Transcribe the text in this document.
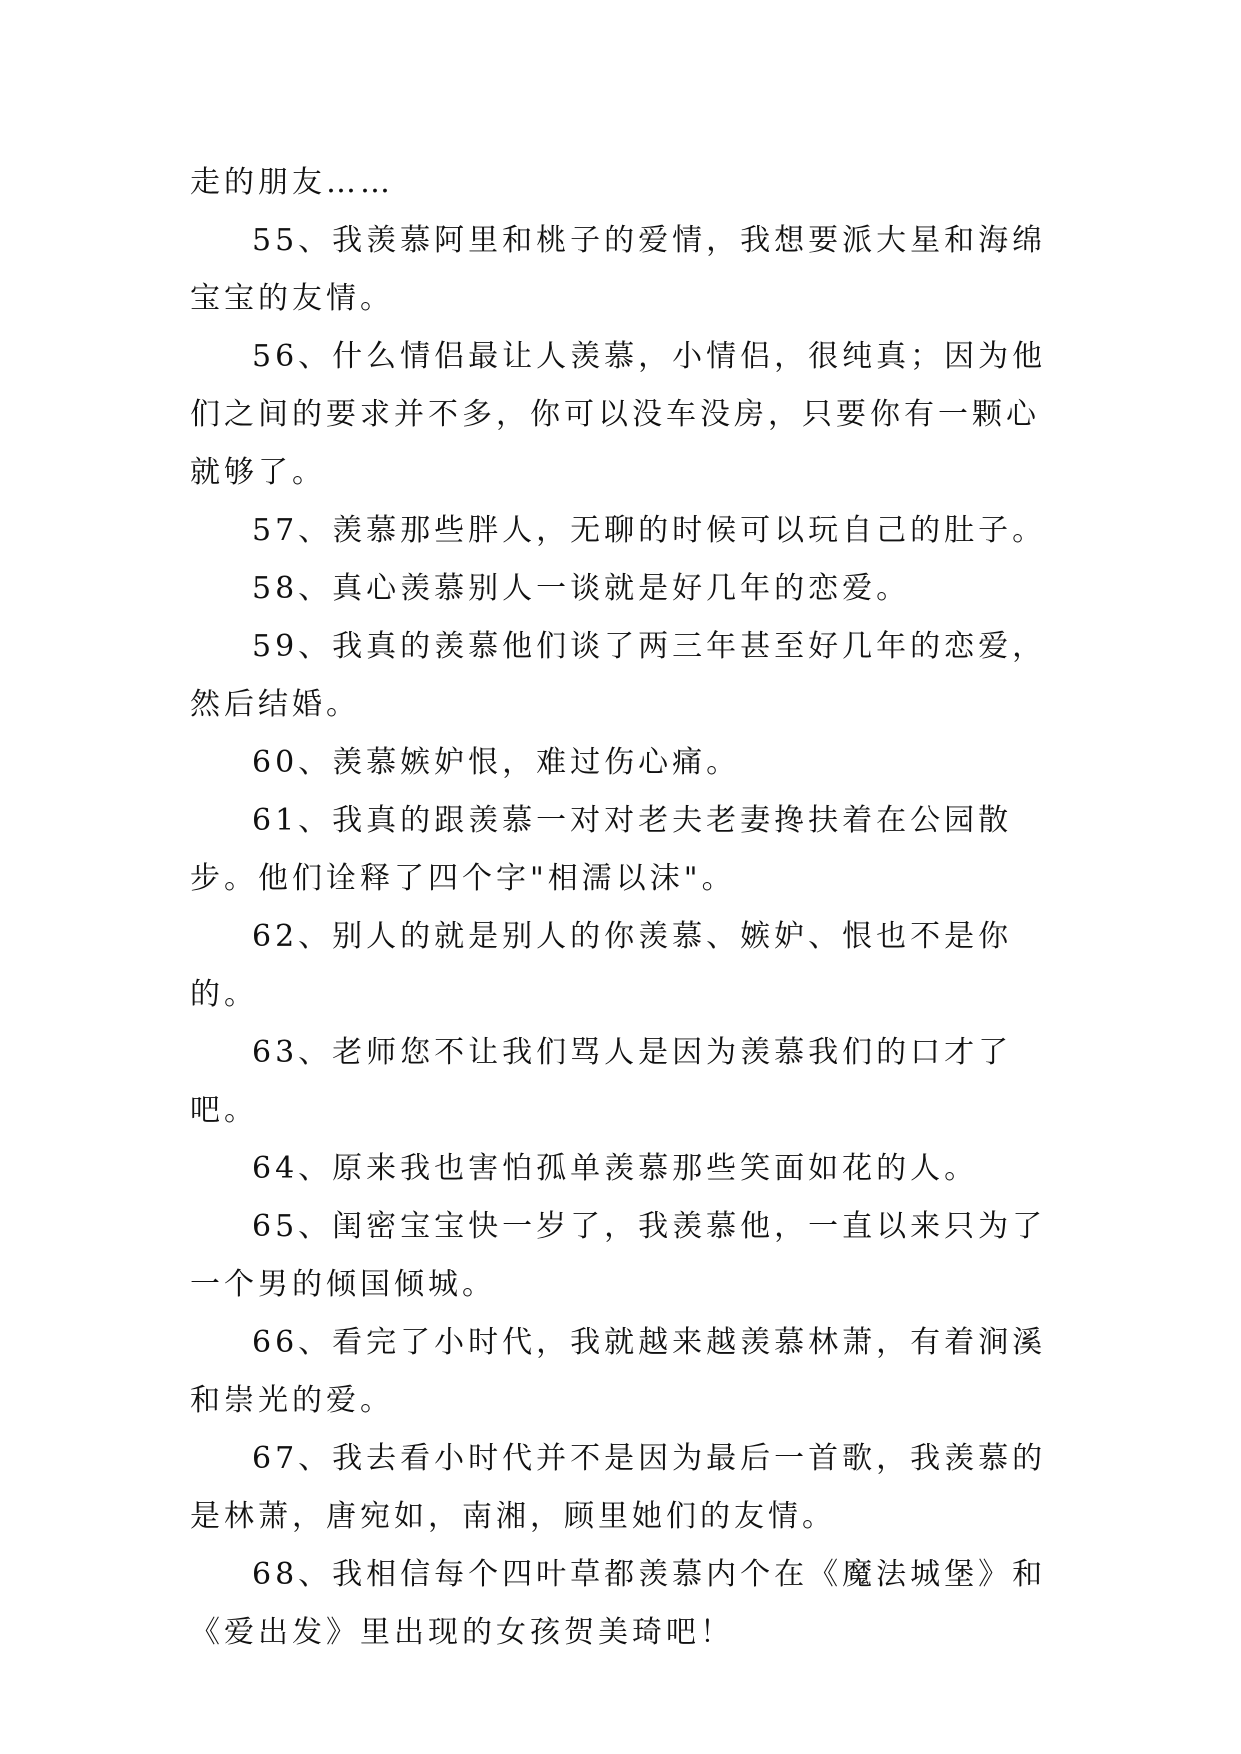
走的朋友……

55、我羡慕阿里和桃子的爱情，我想要派大星和海绵宝宝的友情。

56、什么情侣最让人羡慕，小情侣，很纯真；因为他们之间的要求并不多，你可以没车没房，只要你有一颗心就够了。

57、羡慕那些胖人，无聊的时候可以玩自己的肚子。

58、真心羡慕别人一谈就是好几年的恋爱。

59、我真的羡慕他们谈了两三年甚至好几年的恋爱，然后结婚。

60、羡慕嫉妒恨，难过伤心痛。

61、我真的跟羡慕一对对老夫老妻搀扶着在公园散步。他们诠释了四个字"相濡以沫"。

62、别人的就是别人的你羡慕、嫉妒、恨也不是你的。

63、老师您不让我们骂人是因为羡慕我们的口才了吧。

64、原来我也害怕孤单羡慕那些笑面如花的人。

65、闺密宝宝快一岁了，我羡慕他，一直以来只为了一个男的倾国倾城。

66、看完了小时代，我就越来越羡慕林萧，有着涧溪和崇光的爱。

67、我去看小时代并不是因为最后一首歌，我羡慕的是林萧，唐宛如，南湘，顾里她们的友情。

68、我相信每个四叶草都羡慕内个在《魔法城堡》和《爱出发》里出现的女孩贺美琦吧！
